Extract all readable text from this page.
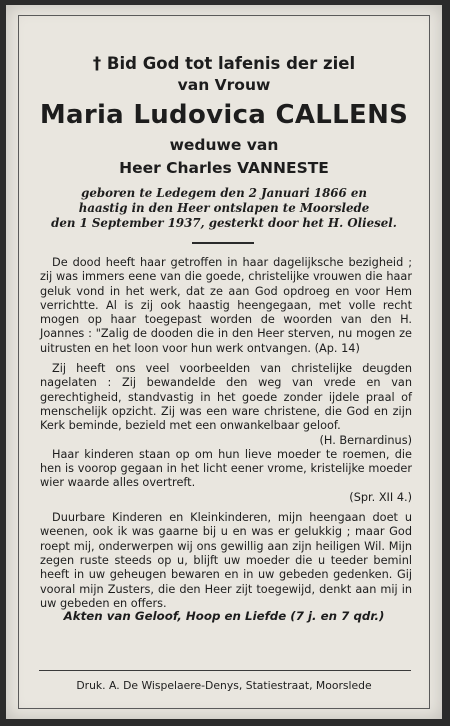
† Bid God tot lafenis der ziel
van Vrouw
Maria Ludovica CALLENS
weduwe van
Heer Charles VANNESTE
geboren te Ledegem den 2 Januari 1866 en
haastig in den Heer ontslapen te Moorslede
den 1 September 1937, gesterkt door het H. Oliesel.

De dood heeft haar getroffen in haar dagelijksche bezigheid ; zij was immers eene van die goede, christelijke vrouwen die haar geluk vond in het werk, dat ze aan God opdroeg en voor Hem verrichtte. Al is zij ook haastig heengegaan, met volle recht mogen op haar toegepast worden de woorden van den H. Joannes : "Zalig de dooden die in den Heer sterven, nu mogen ze uitrusten en het loon voor hun werk ontvangen. (Ap. 14)

Zij heeft ons veel voorbeelden van christelijke deugden nagelaten : Zij bewandelde den weg van vrede en van gerechtigheid, standvastig in het goede zonder ijdele praal of menschelijk opzicht. Zij was een ware christene, die God en zijn Kerk beminde, bezield met een onwankelbaar geloof.

(H. Bernardinus)

Haar kinderen staan op om hun lieve moeder te roemen, die hen is voorop gegaan in het licht eener vrome, kristelijke moeder wier waarde alles overtreft.

(Spr. XII 4.)

Duurbare Kinderen en Kleinkinderen, mijn heengaan doet u weenen, ook ik was gaarne bij u en was er gelukkig ; maar God roept mij, onderwerpen wij ons gewillig aan zijn heiligen Wil. Mijn zegen ruste steeds op u, blijft uw moeder die u teeder beminl heeft in uw geheugen bewaren en in uw gebeden gedenken. Gij vooral mijn Zusters, die den Heer zijt toegewijd, denkt aan mij in uw gebeden en offers.

Akten van Geloof, Hoop en Liefde (7 j. en 7 qdr.)
Druk. A. De Wispelaere-Denys, Statiestraat, Moorslede
